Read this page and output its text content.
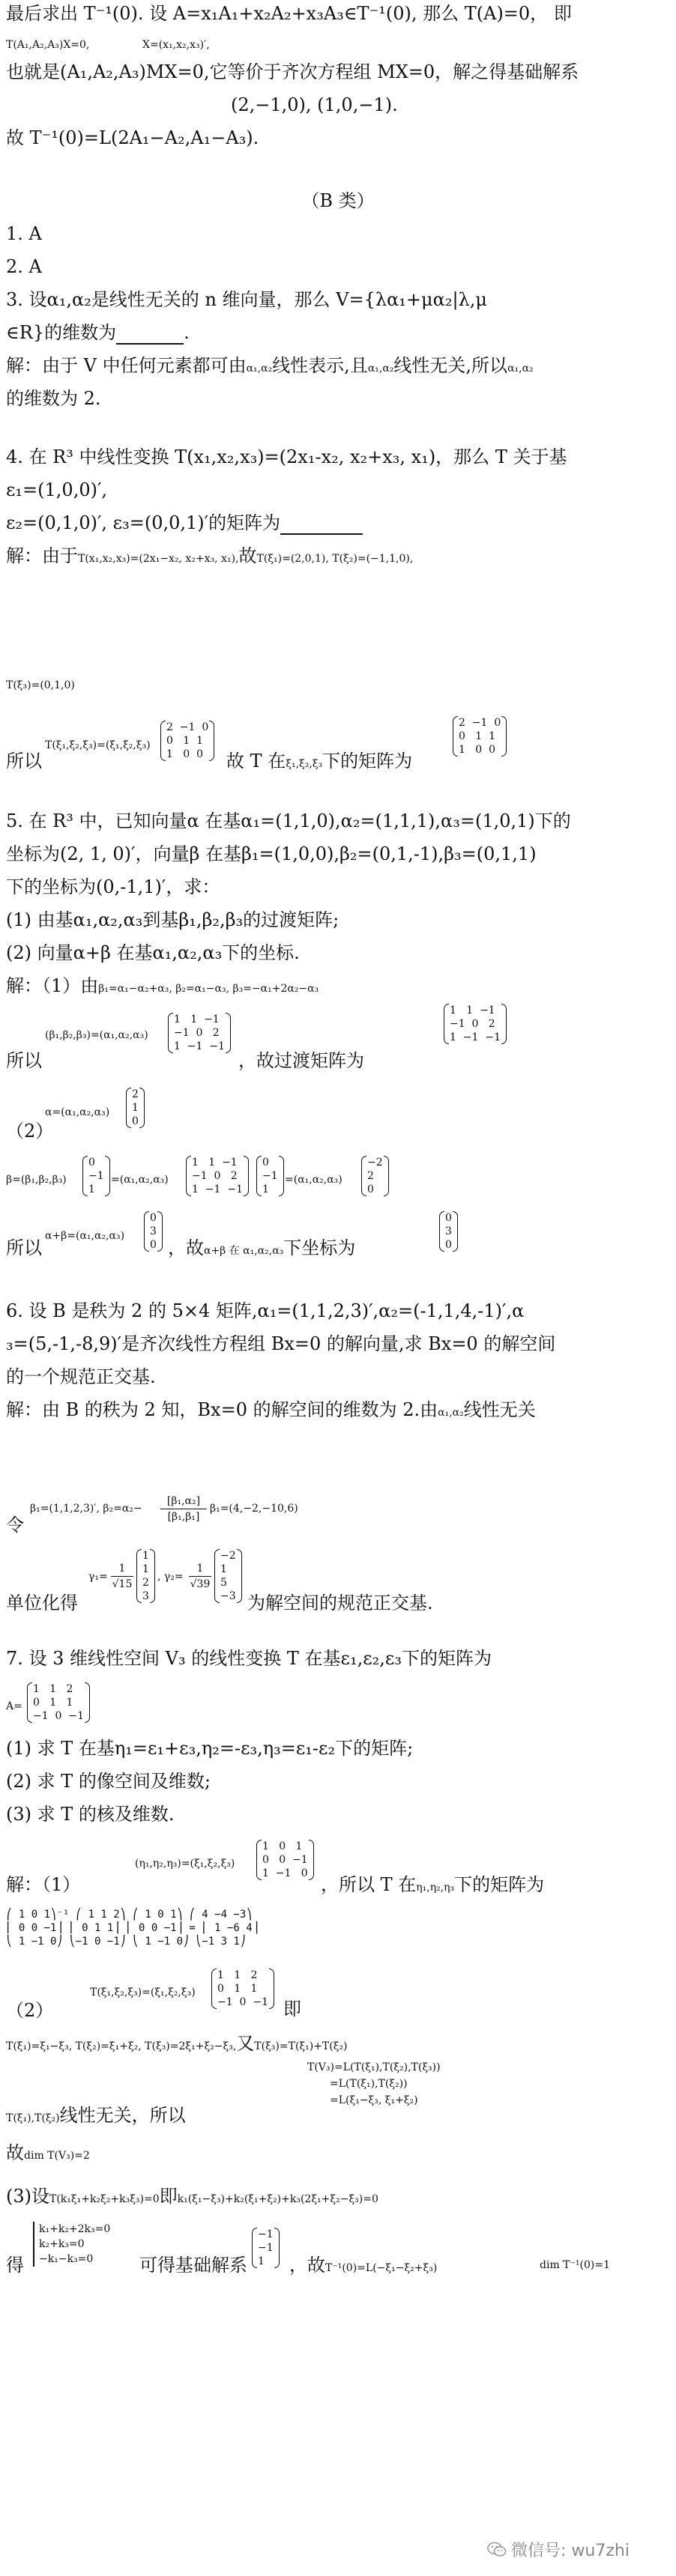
最后求出 T⁻¹(0). 设 A=x₁A₁+x₂A₂+x₃A₃∈T⁻¹(0), 那么 T(A)=0， 即
T(A₁,A₂,A₃)X=0,	X=(x₁,x₂,x₃)′,
也就是(A₁,A₂,A₃)MX=0,它等价于齐次方程组 MX=0，解之得基础解系
(2,−1,0), (1,0,−1).
故 T⁻¹(0)=L(2A₁−A₂,A₁−A₃).
（B 类）
1. A
2. A
3. 设α₁,α₂是线性无关的 n 维向量，那么 V={λα₁+μα₂|λ,μ
∈R}的维数为	.
解：由于 V 中任何元素都可由α₁,α₂线性表示,且α₁,α₂线性无关,所以α₁,α₂
的维数为 2.
4. 在 R³ 中线性变换 T(x₁,x₂,x₃)=(2x₁-x₂, x₂+x₃, x₁)，那么 T 关于基
ε₁=(1,0,0)′,
ε₂=(0,1,0)′, ε₃=(0,0,1)′的矩阵为
解：由于T(x₁,x₂,x₃)=(2x₁−x₂, x₂+x₃, x₁),故T(ξ₁)=(2,0,1), T(ξ₂)=(−1,1,0),
T(ξ₃)=(0,1,0)
T(ξ₁,ξ₂,ξ₃)=(ξ₁,ξ₂,ξ₃)
2  −1  0
0   1  1
1   0  0
所以	故 T 在ξ₁,ξ₂,ξ₃下的矩阵为
2  −1  0
0   1  1
1   0  0
5. 在 R³ 中，已知向量α 在基α₁=(1,1,0),α₂=(1,1,1),α₃=(1,0,1)下的
坐标为(2, 1, 0)′，向量β 在基β₁=(1,0,0),β₂=(0,1,-1),β₃=(0,1,1)
下的坐标为(0,-1,1)′，求：
(1) 由基α₁,α₂,α₃到基β₁,β₂,β₃的过渡矩阵;
(2) 向量α+β 在基α₁,α₂,α₃下的坐标.
解：（1）由β₁=α₁−α₂+α₃, β₂=α₁−α₃, β₃=−α₁+2α₂−α₃
(β₁,β₂,β₃)=(α₁,α₂,α₃)
1   1  −1
−1  0   2
1  −1  −1
所以	，故过渡矩阵为
1   1  −1
−1  0   2
1  −1  −1
α=(α₁,α₂,α₃)
2
1
0
（2）
β=(β₁,β₂,β₃)
0
−1
1
=(α₁,α₂,α₃)
1   1  −1
−1  0   2
1  −1  −1
0
−1
1
=(α₁,α₂,α₃)
−2
2
0
α+β=(α₁,α₂,α₃)
0
3
0
所以	，故α+β 在 α₁,α₂,α₃下坐标为
0
3
0
6. 设 B 是秩为 2 的 5×4 矩阵,α₁=(1,1,2,3)′,α₂=(-1,1,4,-1)′,α
₃=(5,-1,-8,9)′是齐次线性方程组 Bx=0 的解向量,求 Bx=0 的解空间
的一个规范正交基.
解：由 B 的秩为 2 知，Bx=0 的解空间的维数为 2.由α₁,α₂线性无关
令
β₁=(1,1,2,3)′, β₂=α₂−
[β₁,α₂]
[β₁,β₁]
β₁=(4,−2,−10,6)
γ₁=
1
√15
1
1
2
3
, γ₂=
1
√39
−2
1
5
−3
单位化得	为解空间的规范正交基.
7. 设 3 维线性空间 V₃ 的线性变换 T 在基ε₁,ε₂,ε₃下的矩阵为
A=
1   1   2
0   1   1
−1  0  −1
(1) 求 T 在基η₁=ε₁+ε₃,η₂=-ε₃,η₃=ε₁-ε₂下的矩阵;
(2) 求 T 的像空间及维数;
(3) 求 T 的核及维数.
(η₁,η₂,η₃)=(ξ₁,ξ₂,ξ₃)
1   0   1
0   0  −1
1  −1   0
解：（1）	，所以 T 在η₁,η₂,η₃下的矩阵为
⎛ 1 0 1⎞⁻¹ ⎛ 1 1 2⎞ ⎛ 1 0 1⎞ ⎛ 4 −4 −3⎞
⎜ 0 0 −1⎟ ⎜ 0 1 1⎟ ⎜ 0 0 −1⎟ = ⎜ 1 −6 4⎟
⎝ 1 −1 0⎠ ⎝−1 0 −1⎠ ⎝ 1 −1 0⎠ ⎝−1 3 1⎠
T(ξ₁,ξ₂,ξ₃)=(ξ₁,ξ₂,ξ₃)
1   1   2
0   1   1
−1  0  −1 即
（2）
T(ξ₁)=ξ₁−ξ₃, T(ξ₂)=ξ₁+ξ₂, T(ξ₃)=2ξ₁+ξ₂−ξ₃,又T(ξ₃)=T(ξ₁)+T(ξ₂)
T(V₃)=L(T(ξ₁),T(ξ₂),T(ξ₃))
=L(T(ξ₁),T(ξ₂))
=L(ξ₁−ξ₃, ξ₁+ξ₂)
T(ξ₁),T(ξ₂)线性无关，所以
故dim T(V₃)=2
(3)设T(k₁ξ₁+k₂ξ₂+k₃ξ₃)=0即k₁(ξ₁−ξ₃)+k₂(ξ₁+ξ₂)+k₃(2ξ₁+ξ₂−ξ₃)=0
k₁+k₂+2k₃=0
k₂+k₃=0
−k₁−k₃=0
得	可得基础解系
−1
−1
1	，故T⁻¹(0)=L(−ξ₁−ξ₂+ξ₃)	dim T⁻¹(0)=1
微信号: wu7zhi
